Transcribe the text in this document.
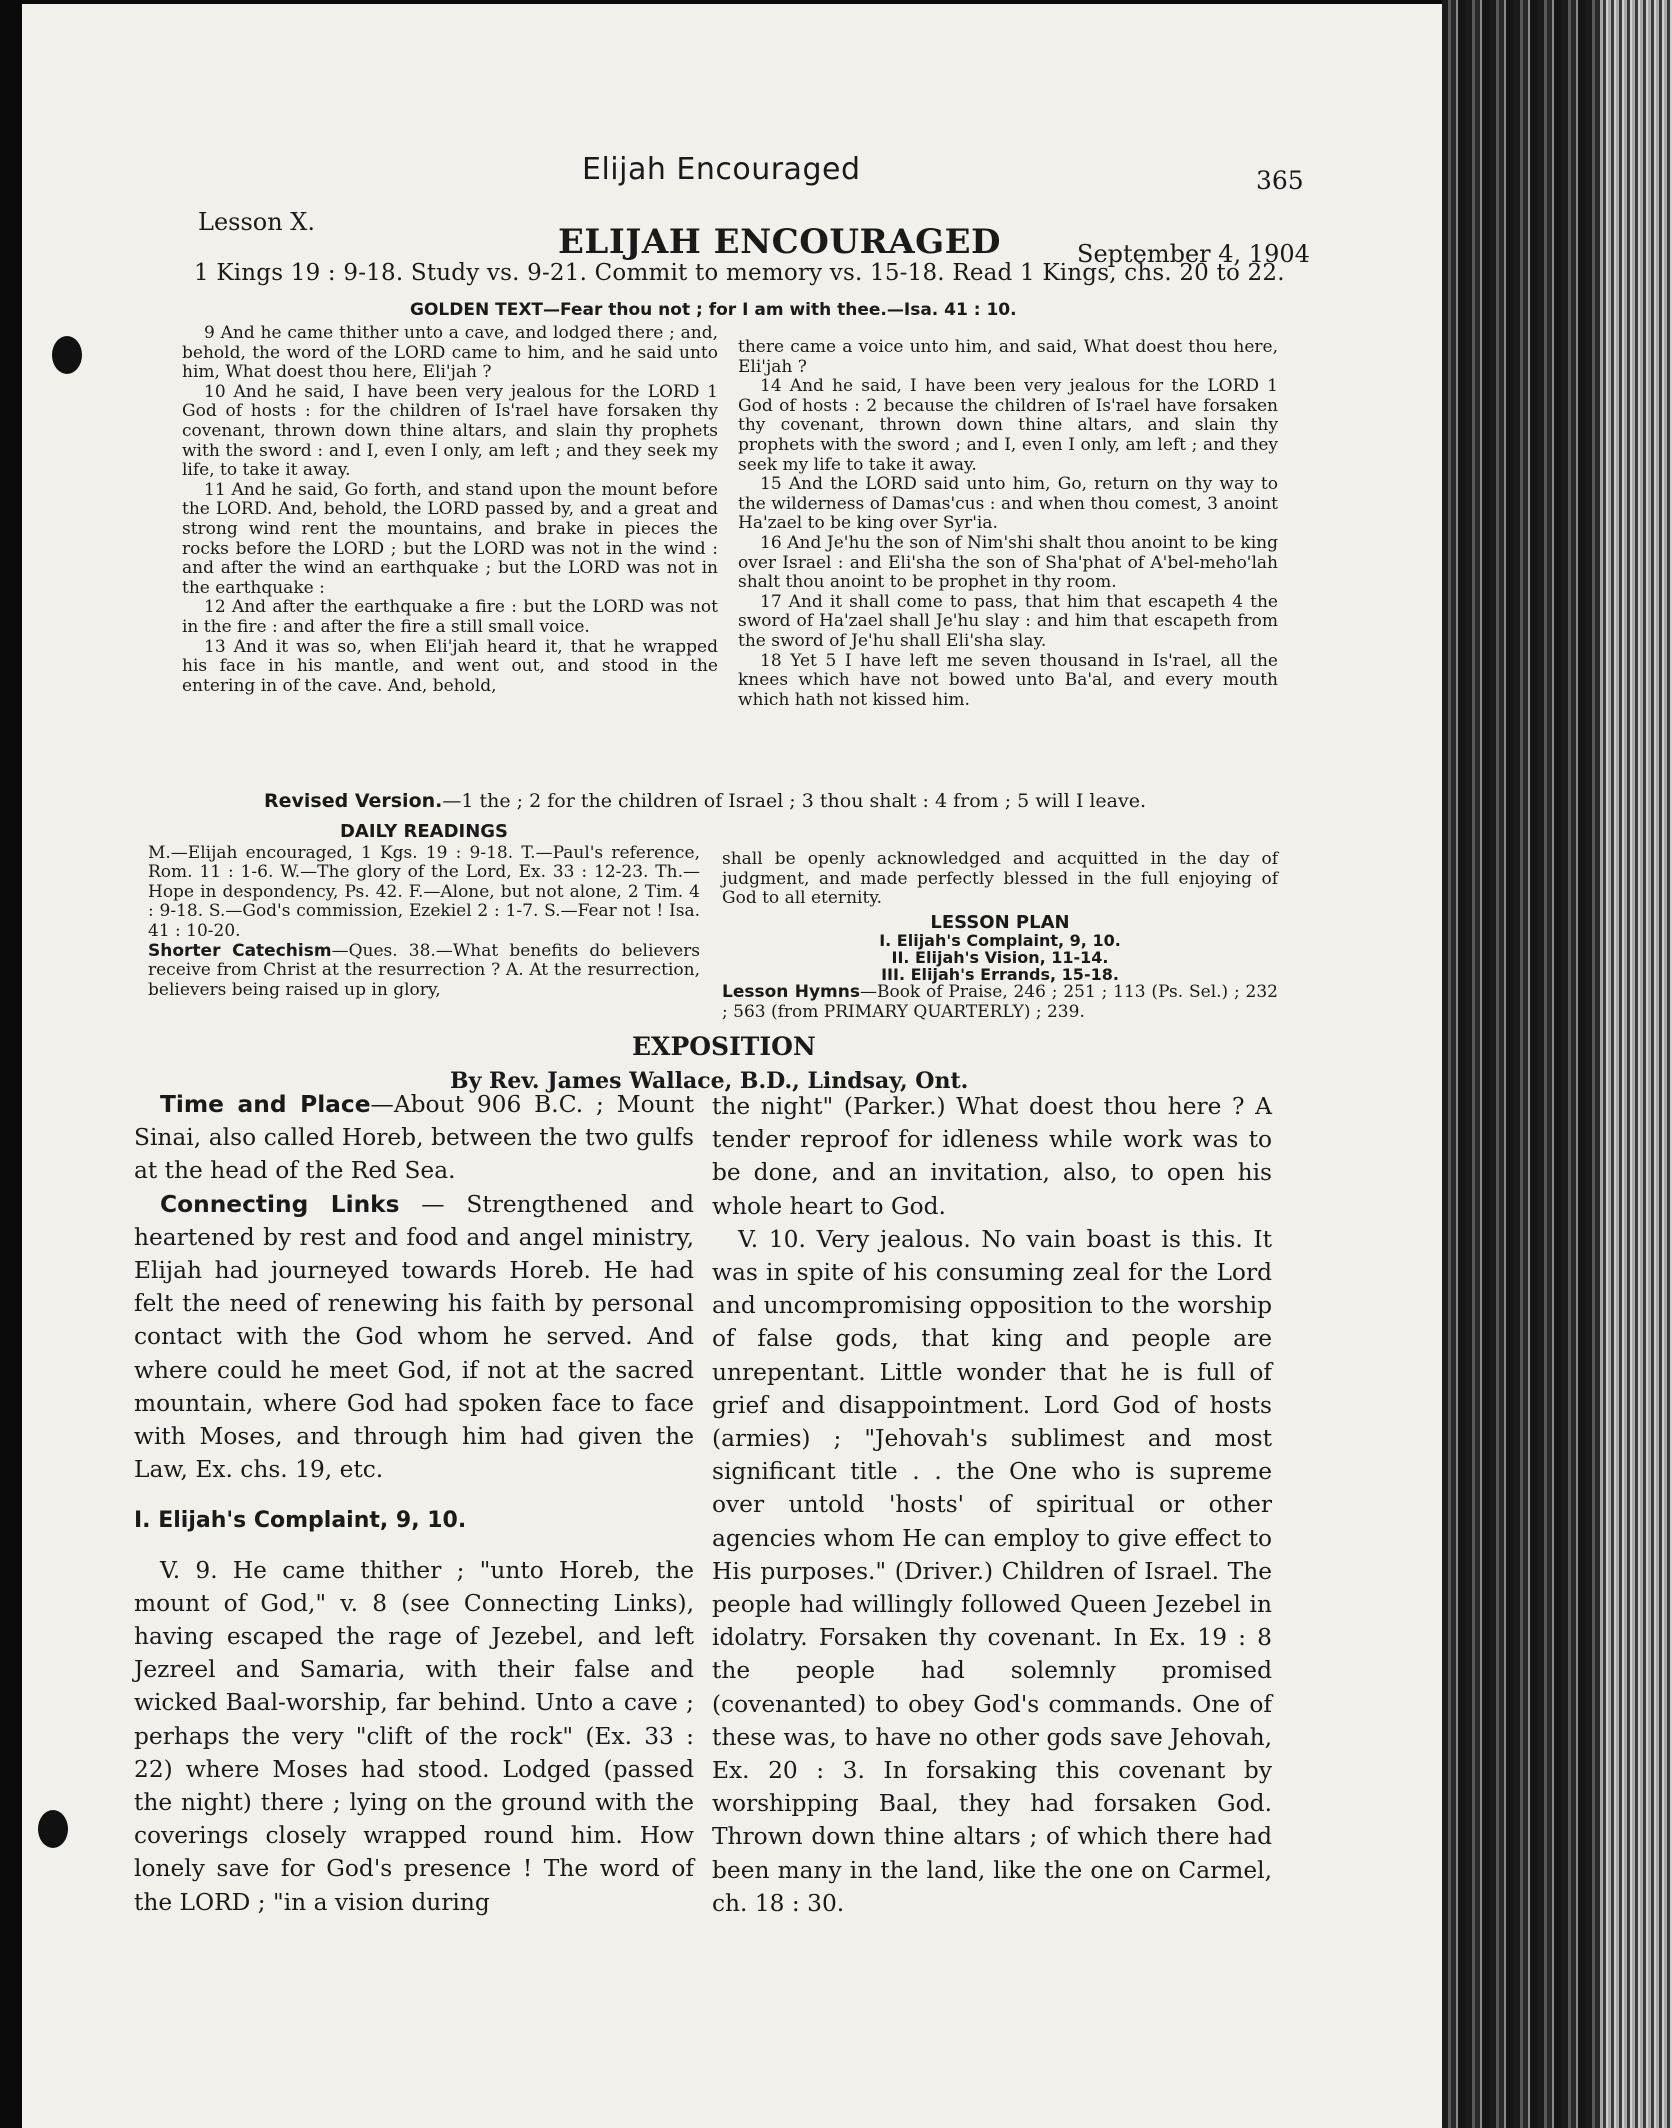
Elijah Encouraged	365
Lesson X.	ELIJAH ENCOURAGED	September 4, 1904
1 Kings 19 : 9-18. Study vs. 9-21. Commit to memory vs. 15-18. Read 1 Kings, chs. 20 to 22.
GOLDEN TEXT—Fear thou not ; for I am with thee.—Isa. 41 : 10.

9 And he came thither unto a cave, and lodged there ; and, behold, the word of the LORD came to him, and he said unto him, What doest thou here, Eli'jah ?

10 And he said, I have been very jealous for the LORD 1 God of hosts : for the children of Is'rael have forsaken thy covenant, thrown down thine altars, and slain thy prophets with the sword : and I, even I only, am left ; and they seek my life, to take it away.

11 And he said, Go forth, and stand upon the mount before the LORD. And, behold, the LORD passed by, and a great and strong wind rent the mountains, and brake in pieces the rocks before the LORD ; but the LORD was not in the wind : and after the wind an earthquake ; but the LORD was not in the earthquake :

12 And after the earthquake a fire : but the LORD was not in the fire : and after the fire a still small voice.

13 And it was so, when Eli'jah heard it, that he wrapped his face in his mantle, and went out, and stood in the entering in of the cave. And, behold,

there came a voice unto him, and said, What doest thou here, Eli'jah ?

14 And he said, I have been very jealous for the LORD 1 God of hosts : 2 because the children of Is'rael have forsaken thy covenant, thrown down thine altars, and slain thy prophets with the sword ; and I, even I only, am left ; and they seek my life to take it away.

15 And the LORD said unto him, Go, return on thy way to the wilderness of Damas'cus : and when thou comest, 3 anoint Ha'zael to be king over Syr'ia.

16 And Je'hu the son of Nim'shi shalt thou anoint to be king over Israel : and Eli'sha the son of Sha'phat of A'bel-meho'lah shalt thou anoint to be prophet in thy room.

17 And it shall come to pass, that him that escapeth 4 the sword of Ha'zael shall Je'hu slay : and him that escapeth from the sword of Je'hu shall Eli'sha slay.

18 Yet 5 I have left me seven thousand in Is'rael, all the knees which have not bowed unto Ba'al, and every mouth which hath not kissed him.

Revised Version.—1 the ; 2 for the children of Israel ; 3 thou shalt : 4 from ; 5 will I leave.
DAILY READINGS

M.—Elijah encouraged, 1 Kgs. 19 : 9-18. T.—Paul's reference, Rom. 11 : 1-6. W.—The glory of the Lord, Ex. 33 : 12-23. Th.—Hope in despondency, Ps. 42. F.—Alone, but not alone, 2 Tim. 4 : 9-18. S.—God's commission, Ezekiel 2 : 1-7. S.—Fear not ! Isa. 41 : 10-20.

Shorter Catechism—Ques. 38.—What benefits do believers receive from Christ at the resurrection ? A. At the resurrection, believers being raised up in glory,

shall be openly acknowledged and acquitted in the day of judgment, and made perfectly blessed in the full enjoying of God to all eternity.

LESSON PLAN
I. Elijah's Complaint, 9, 10.
II. Elijah's Vision, 11-14.
III. Elijah's Errands, 15-18.

Lesson Hymns—Book of Praise, 246 ; 251 ; 113 (Ps. Sel.) ; 232 ; 563 (from PRIMARY QUARTERLY) ; 239.

EXPOSITION
By Rev. James Wallace, B.D., Lindsay, Ont.

Time and Place—About 906 B.C. ; Mount Sinai, also called Horeb, between the two gulfs at the head of the Red Sea.

Connecting Links — Strengthened and heartened by rest and food and angel ministry, Elijah had journeyed towards Horeb. He had felt the need of renewing his faith by personal contact with the God whom he served. And where could he meet God, if not at the sacred mountain, where God had spoken face to face with Moses, and through him had given the Law, Ex. chs. 19, etc.

I. Elijah's Complaint, 9, 10.

V. 9. He came thither ; "unto Horeb, the mount of God," v. 8 (see Connecting Links), having escaped the rage of Jezebel, and left Jezreel and Samaria, with their false and wicked Baal-worship, far behind. Unto a cave ; perhaps the very "clift of the rock" (Ex. 33 : 22) where Moses had stood. Lodged (passed the night) there ; lying on the ground with the coverings closely wrapped round him. How lonely save for God's presence ! The word of the LORD ; "in a vision during

the night" (Parker.) What doest thou here ? A tender reproof for idleness while work was to be done, and an invitation, also, to open his whole heart to God.

V. 10. Very jealous. No vain boast is this. It was in spite of his consuming zeal for the Lord and uncompromising opposition to the worship of false gods, that king and people are unrepentant. Little wonder that he is full of grief and disappointment. Lord God of hosts (armies) ; "Jehovah's sublimest and most significant title . . the One who is supreme over untold 'hosts' of spiritual or other agencies whom He can employ to give effect to His purposes." (Driver.) Children of Israel. The people had willingly followed Queen Jezebel in idolatry. Forsaken thy covenant. In Ex. 19 : 8 the people had solemnly promised (covenanted) to obey God's commands. One of these was, to have no other gods save Jehovah, Ex. 20 : 3. In forsaking this covenant by worshipping Baal, they had forsaken God. Thrown down thine altars ; of which there had been many in the land, like the one on Carmel, ch. 18 : 30.
